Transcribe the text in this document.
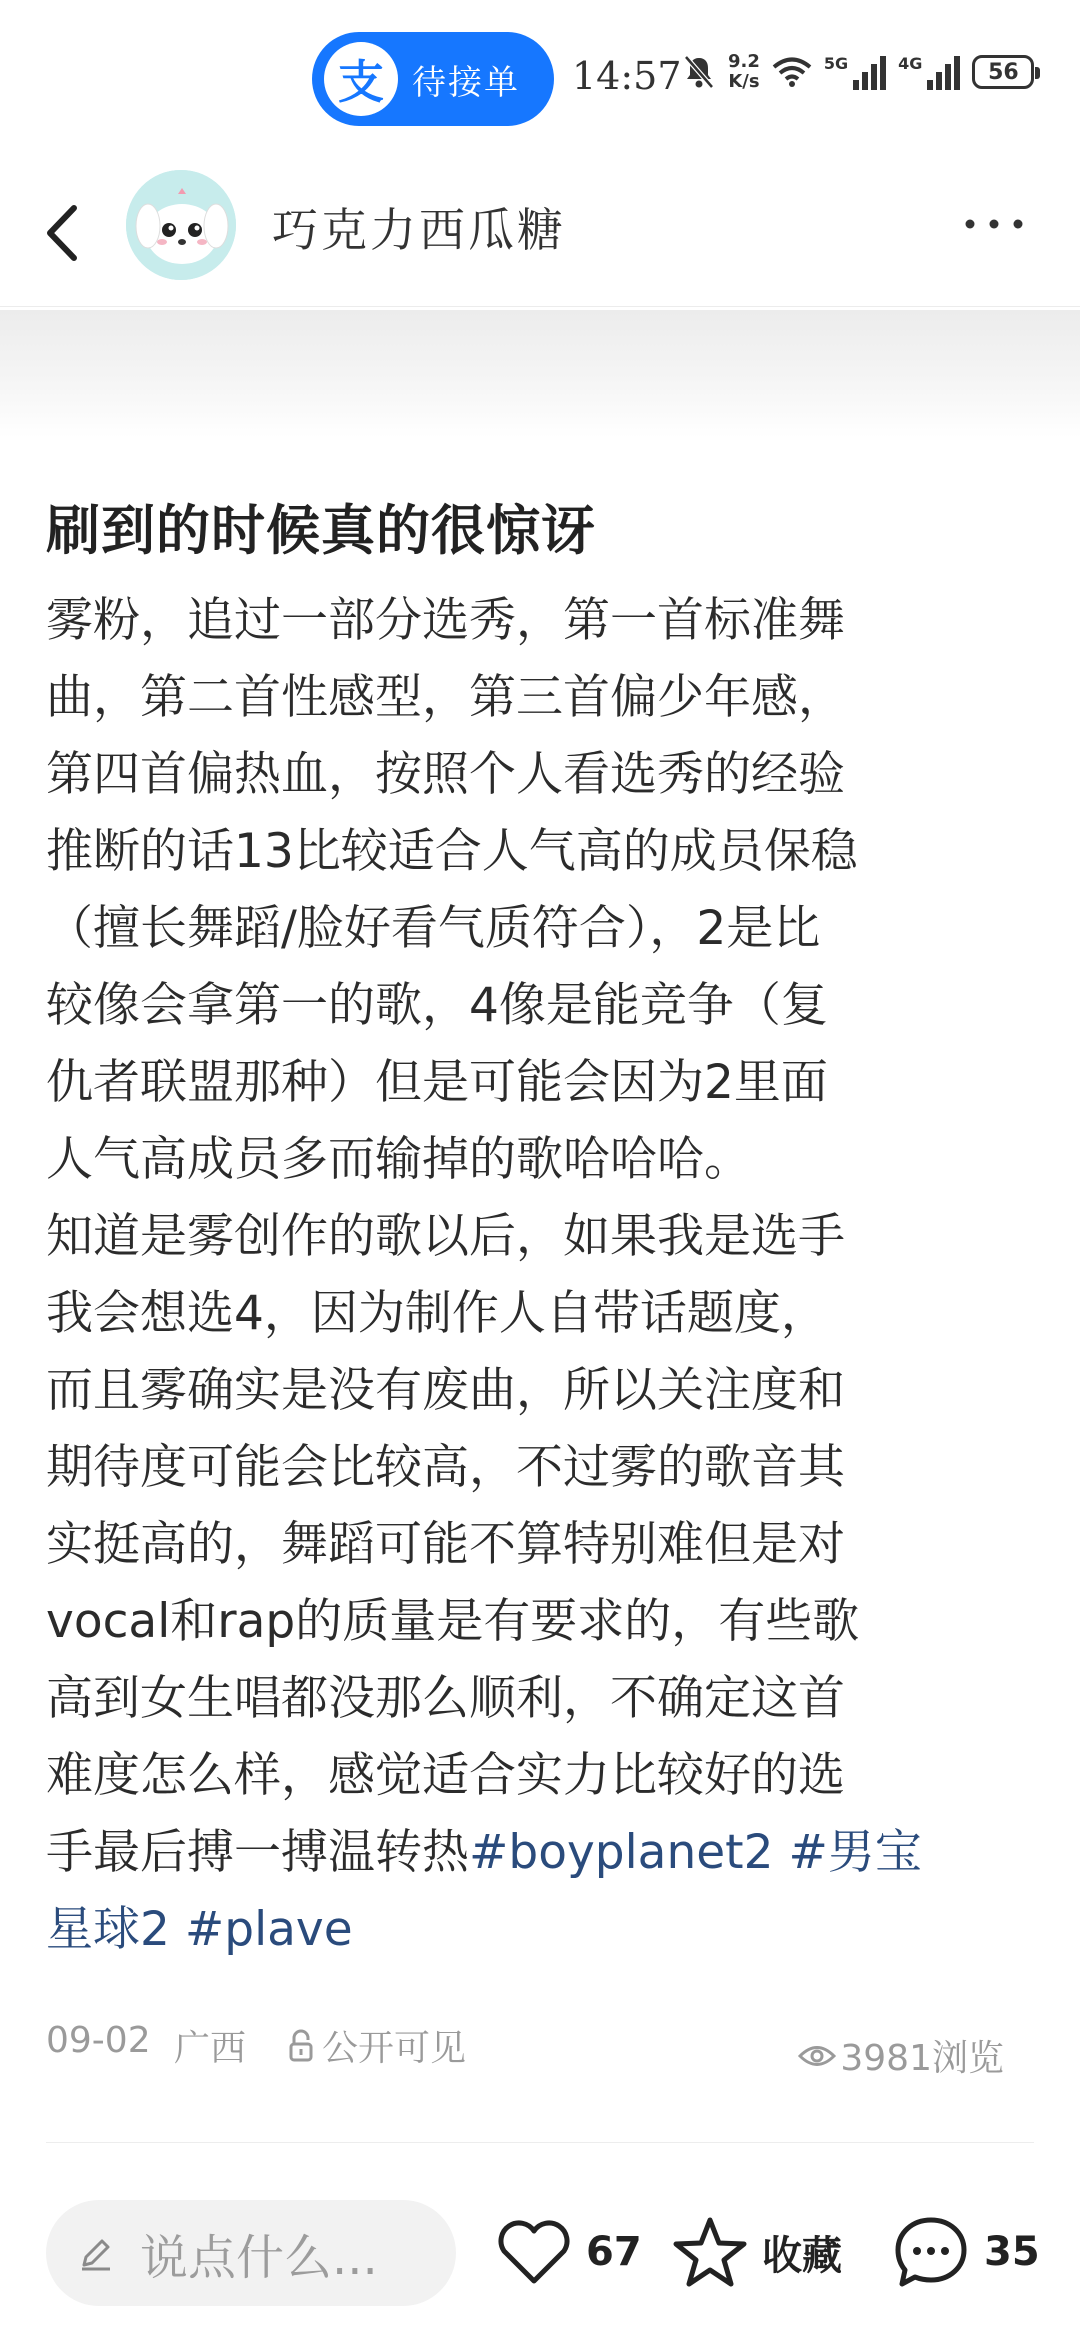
支 待接单 14:57	9.2
K/s
5G	4G	56
巧克力西瓜糖
刷到的时候真的很惊讶
雾粉，追过一部分选秀，第一首标准舞
曲，第二首性感型，第三首偏少年感，
第四首偏热血，按照个人看选秀的经验
推断的话13比较适合人气高的成员保稳
（擅长舞蹈/脸好看气质符合），2是比
较像会拿第一的歌，4像是能竞争（复
仇者联盟那种）但是可能会因为2里面
人气高成员多而输掉的歌哈哈哈。
知道是雾创作的歌以后，如果我是选手
我会想选4，因为制作人自带话题度，
而且雾确实是没有废曲，所以关注度和
期待度可能会比较高，不过雾的歌音其
实挺高的，舞蹈可能不算特别难但是对
vocal和rap的质量是有要求的，有些歌
高到女生唱都没那么顺利，不确定这首
难度怎么样，感觉适合实力比较好的选
手最后搏一搏温转热#boyplanet2 #男宝
星球2 #plave
09-02 广西 公开可见	3981浏览
说点什么...	67	收藏	35
